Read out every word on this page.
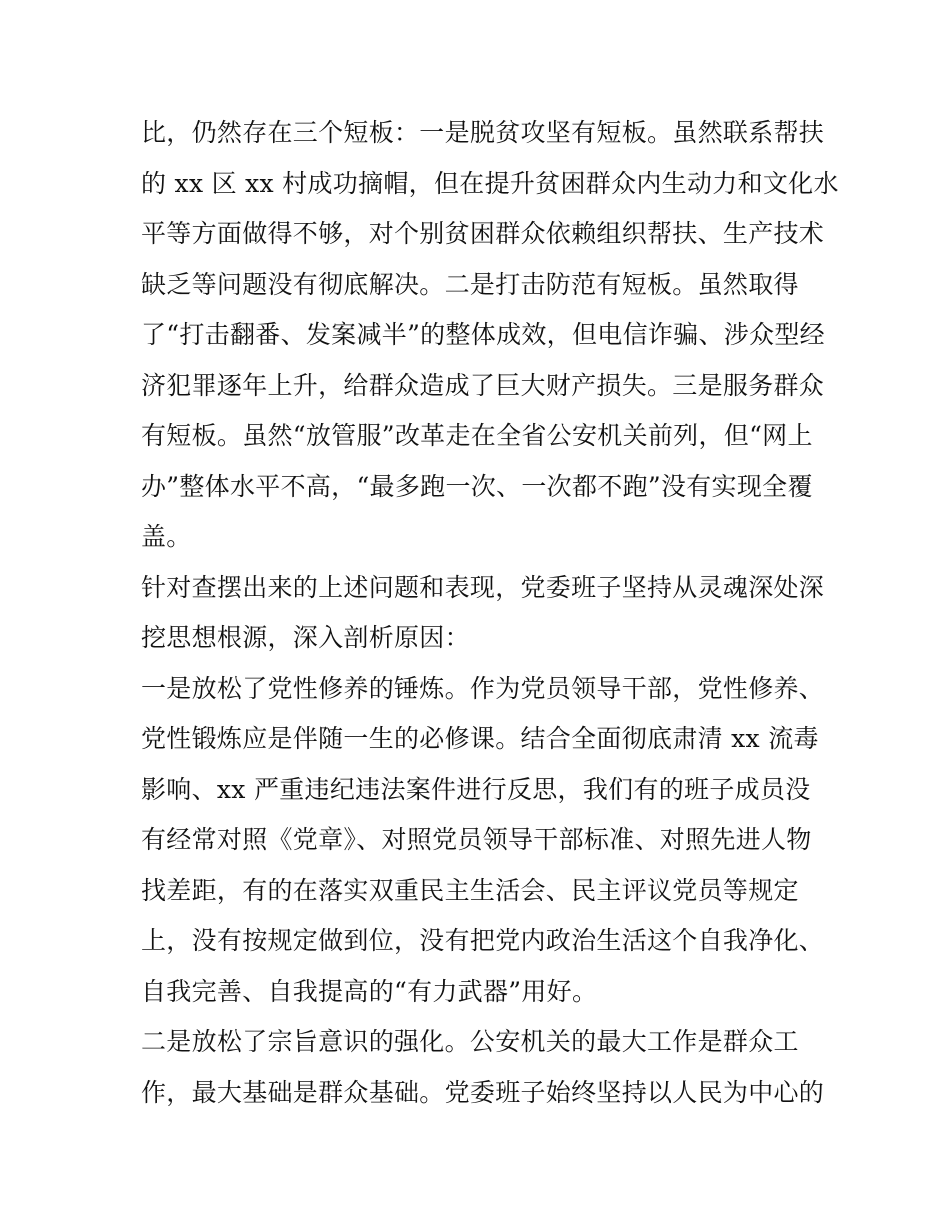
比，仍然存在三个短板：一是脱贫攻坚有短板。虽然联系帮扶
的 xx 区 xx 村成功摘帽，但在提升贫困群众内生动力和文化水
平等方面做得不够，对个别贫困群众依赖组织帮扶、生产技术
缺乏等问题没有彻底解决。二是打击防范有短板。虽然取得
了“打击翻番、发案减半”的整体成效，但电信诈骗、涉众型经
济犯罪逐年上升，给群众造成了巨大财产损失。三是服务群众
有短板。虽然“放管服”改革走在全省公安机关前列，但“网上
办”整体水平不高，“最多跑一次、一次都不跑”没有实现全覆
盖。
针对查摆出来的上述问题和表现，党委班子坚持从灵魂深处深
挖思想根源，深入剖析原因：
一是放松了党性修养的锤炼。作为党员领导干部，党性修养、
党性锻炼应是伴随一生的必修课。结合全面彻底肃清 xx 流毒
影响、xx 严重违纪违法案件进行反思，我们有的班子成员没
有经常对照《党章》、对照党员领导干部标准、对照先进人物
找差距，有的在落实双重民主生活会、民主评议党员等规定
上，没有按规定做到位，没有把党内政治生活这个自我净化、
自我完善、自我提高的“有力武器”用好。
二是放松了宗旨意识的强化。公安机关的最大工作是群众工
作，最大基础是群众基础。党委班子始终坚持以人民为中心的
